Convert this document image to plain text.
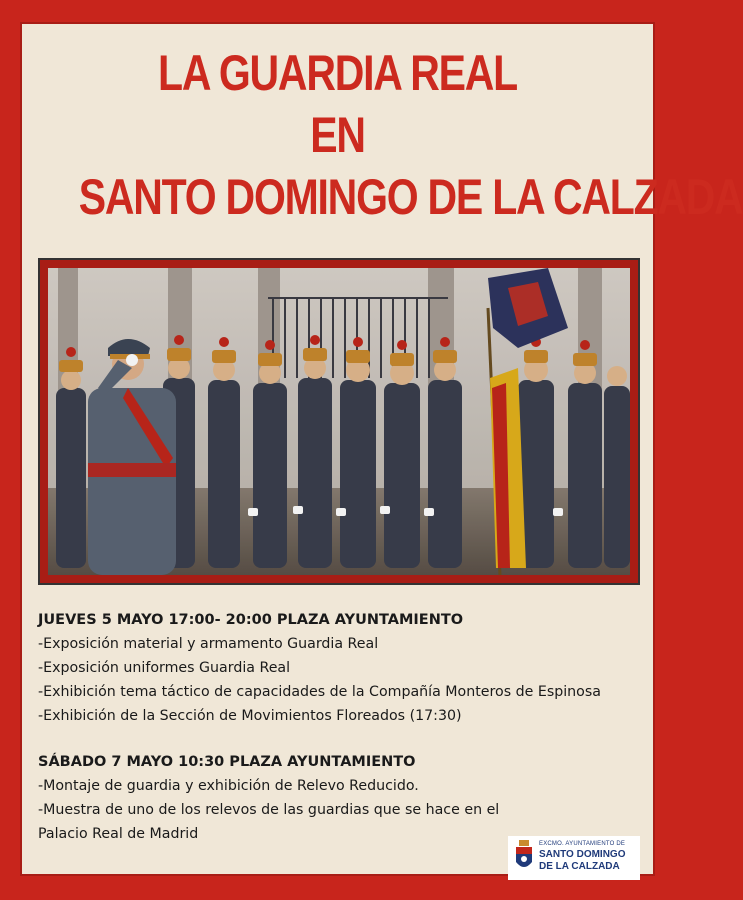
LA GUARDIA REAL
EN
SANTO DOMINGO DE LA CALZADA
JUEVES 5 MAYO 17:00- 20:00 PLAZA AYUNTAMIENTO
-Exposición material y armamento Guardia Real
-Exposición uniformes Guardia Real
-Exhibición tema táctico de capacidades de la Compañía Monteros de Espinosa
-Exhibición de la Sección de Movimientos Floreados (17:30)
SÁBADO 7 MAYO 10:30 PLAZA AYUNTAMIENTO
-Montaje de guardia y exhibición de Relevo Reducido.
-Muestra de uno de los relevos de las guardias que se hace en el
Palacio Real de Madrid
EXCMO. AYUNTAMIENTO DE
SANTO DOMINGO
DE LA CALZADA
